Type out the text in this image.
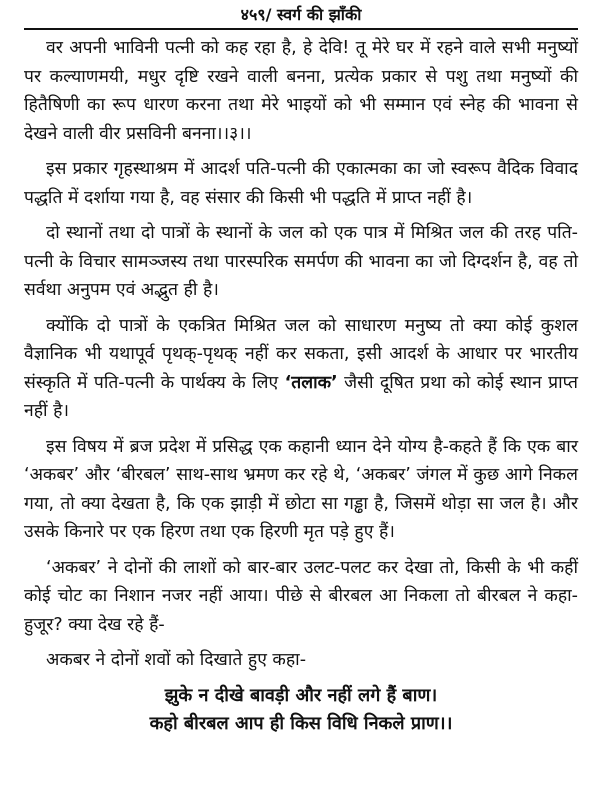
४५९/ स्वर्ग की झाँकी

वर अपनी भाविनी पत्नी को कह रहा है, हे देवि! तू मेरे घर में रहने वाले सभी मनुष्यों पर कल्याणमयी, मधुर दृष्टि रखने वाली बनना, प्रत्येक प्रकार से पशु तथा मनुष्यों की हितैषिणी का रूप धारण करना तथा मेरे भाइयों को भी सम्मान एवं स्नेह की भावना से देखने वाली वीर प्रसविनी बनना।।३।।

इस प्रकार गृहस्थाश्रम में आदर्श पति-पत्नी की एकात्मका का जो स्वरूप वैदिक विवाद पद्धति में दर्शाया गया है, वह संसार की किसी भी पद्धति में प्राप्त नहीं है।

दो स्थानों तथा दो पात्रों के स्थानों के जल को एक पात्र में मिश्रित जल की तरह पति-पत्नी के विचार सामञ्जस्य तथा पारस्परिक समर्पण की भावना का जो दिग्दर्शन है, वह तो सर्वथा अनुपम एवं अद्भुत ही है।

क्योंकि दो पात्रों के एकत्रित मिश्रित जल को साधारण मनुष्य तो क्या कोई कुशल वैज्ञानिक भी यथापूर्व पृथक्-पृथक् नहीं कर सकता, इसी आदर्श के आधार पर भारतीय संस्कृति में पति-पत्नी के पार्थक्य के लिए ‘तलाक’ जैसी दूषित प्रथा को कोई स्थान प्राप्त नहीं है।

इस विषय में ब्रज प्रदेश में प्रसिद्ध एक कहानी ध्यान देने योग्य है-कहते हैं कि एक बार ‘अकबर’ और ‘बीरबल’ साथ-साथ भ्रमण कर रहे थे, ‘अकबर’ जंगल में कुछ आगे निकल गया, तो क्या देखता है, कि एक झाड़ी में छोटा सा गड्ढा है, जिसमें थोड़ा सा जल है। और उसके किनारे पर एक हिरण तथा एक हिरणी मृत पड़े हुए हैं।

‘अकबर’ ने दोनों की लाशों को बार-बार उलट-पलट कर देखा तो, किसी के भी कहीं कोई चोट का निशान नजर नहीं आया। पीछे से बीरबल आ निकला तो बीरबल ने कहा-हुजूर? क्या देख रहे हैं-

अकबर ने दोनों शवों को दिखाते हुए कहा-

झुके न दीखे बावड़ी और नहीं लगे हैं बाण।

कहो बीरबल आप ही किस विधि निकले प्राण।।
